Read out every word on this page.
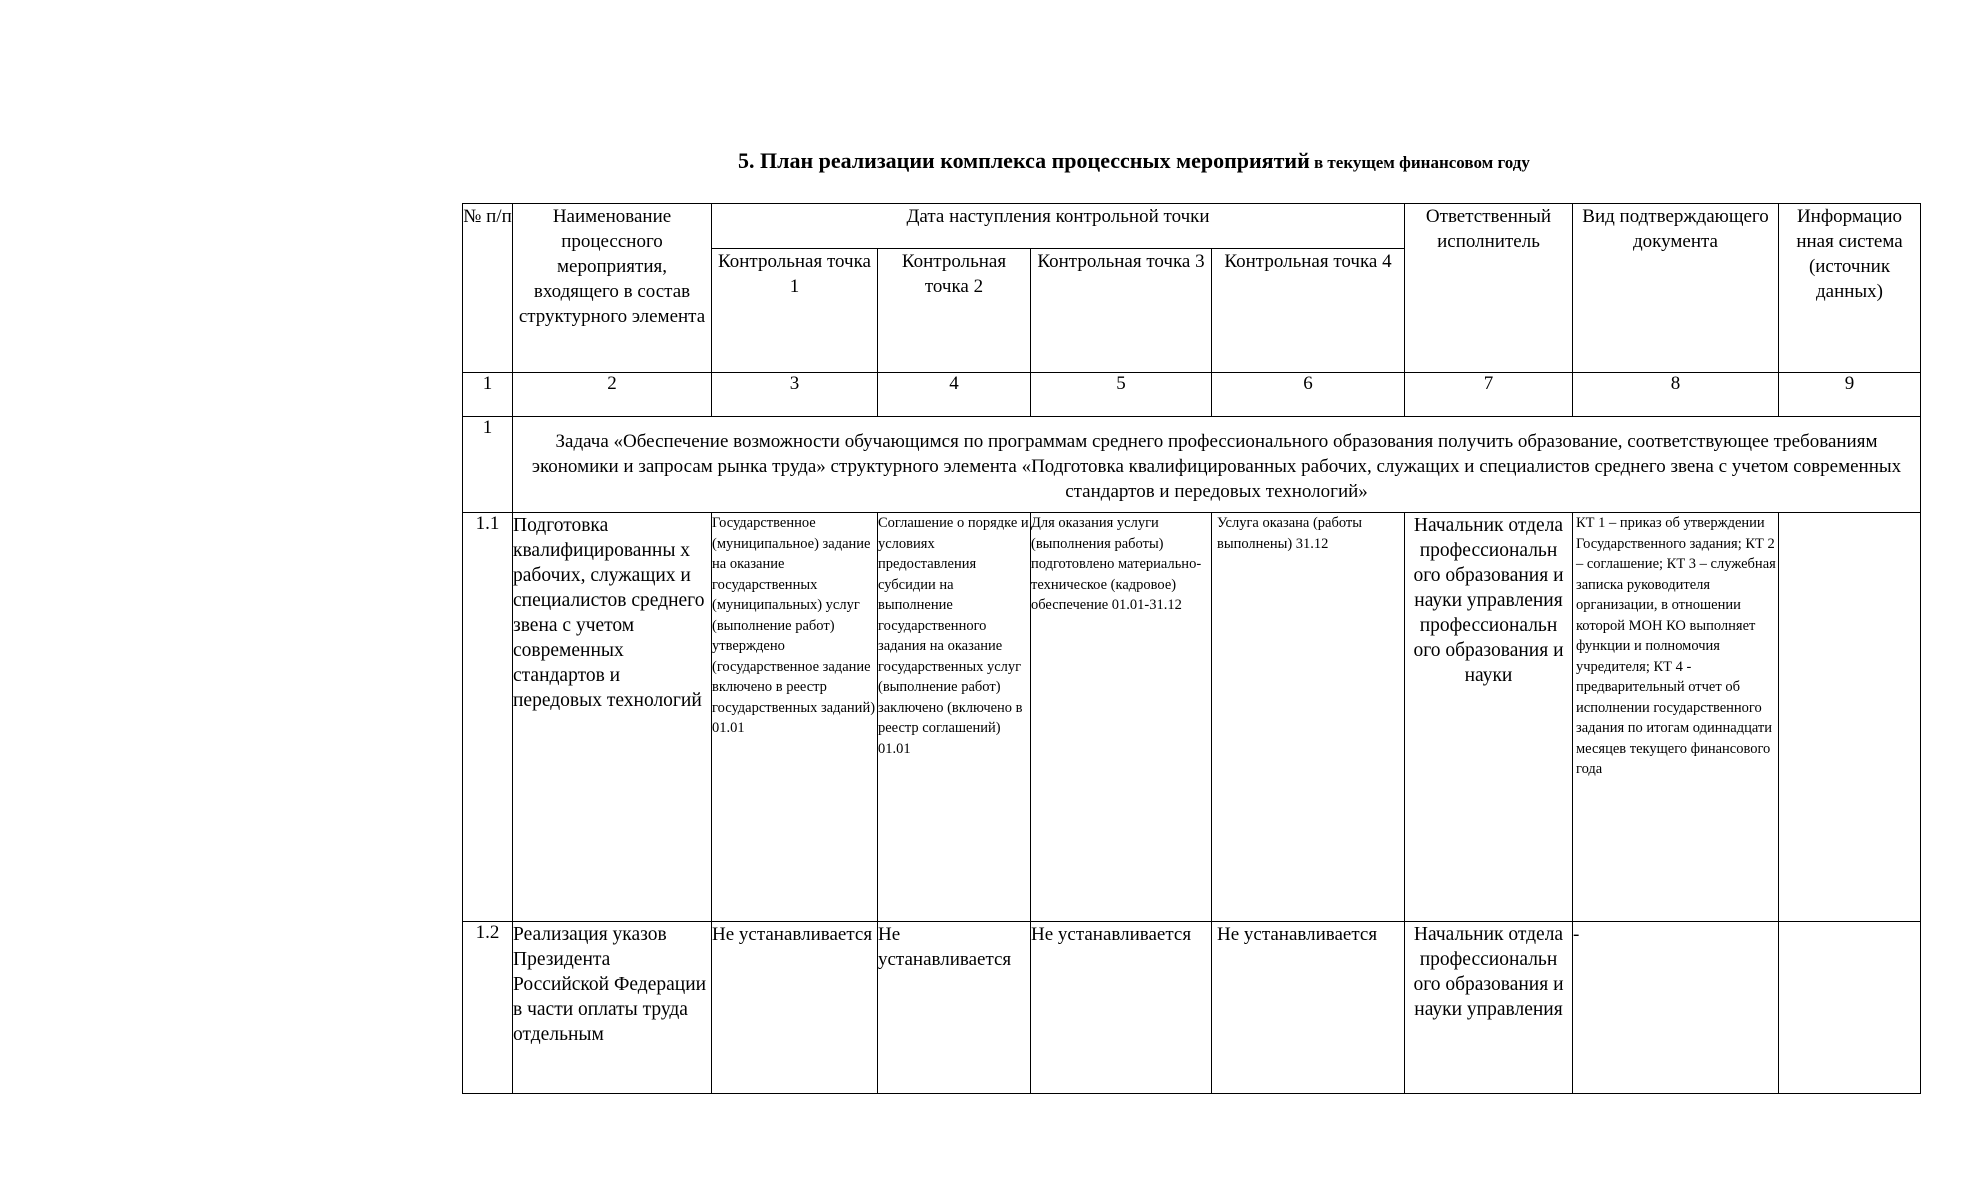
5. План реализации комплекса процессных мероприятий в текущем финансовом году
№ п/п	Наименование процессного мероприятия, входящего в состав структурного элемента	Дата наступления контрольной точки				Ответственный исполнитель	Вид подтверждающего документа	Информацио нная система (источник данных)
		Контрольная точка 1	Контрольная точка 2	Контрольная точка 3	Контрольная точка 4			
1	2	3	4	5	6	7	8	9
1	Задача «Обеспечение возможности обучающимся по программам среднего профессионального образования получить образование, соответствующее требованиям экономики и запросам рынка труда» структурного элемента «Подготовка квалифицированных рабочих, служащих и специалистов среднего звена с учетом современных стандартов и передовых технологий»							
1.1	Подготовка квалифицированны х рабочих, служащих и специалистов среднего звена с учетом современных стандартов и передовых технологий	Государственное (муниципальное) задание на оказание государственных (муниципальных) услуг (выполнение работ) утверждено (государственное задание включено в реестр государственных заданий) 01.01	Соглашение о порядке и условиях предоставления субсидии на выполнение государственного задания на оказание государственных услуг (выполнение работ) заключено (включено в реестр соглашений) 01.01	Для оказания услуги (выполнения работы) подготовлено материально-техническое (кадровое) обеспечение 01.01-31.12	Услуга оказана (работы выполнены) 31.12	Начальник отдела профессиональн ого образования и науки управления профессиональн ого образования и науки	КТ 1 – приказ об утверждении Государственного задания; КТ 2 – соглашение; КТ 3 – служебная записка руководителя организации, в отношении которой МОН КО выполняет функции и полномочия учредителя; КТ 4 - предварительный отчет об исполнении государственного задания по итогам одиннадцати месяцев текущего финансового года	
1.2	Реализация указов Президента Российской Федерации в части оплаты труда отдельным	Не устанавливается	Не устанавливается	Не устанавливается	Не устанавливается	Начальник отдела профессиональн ого образования и науки управления	-	
